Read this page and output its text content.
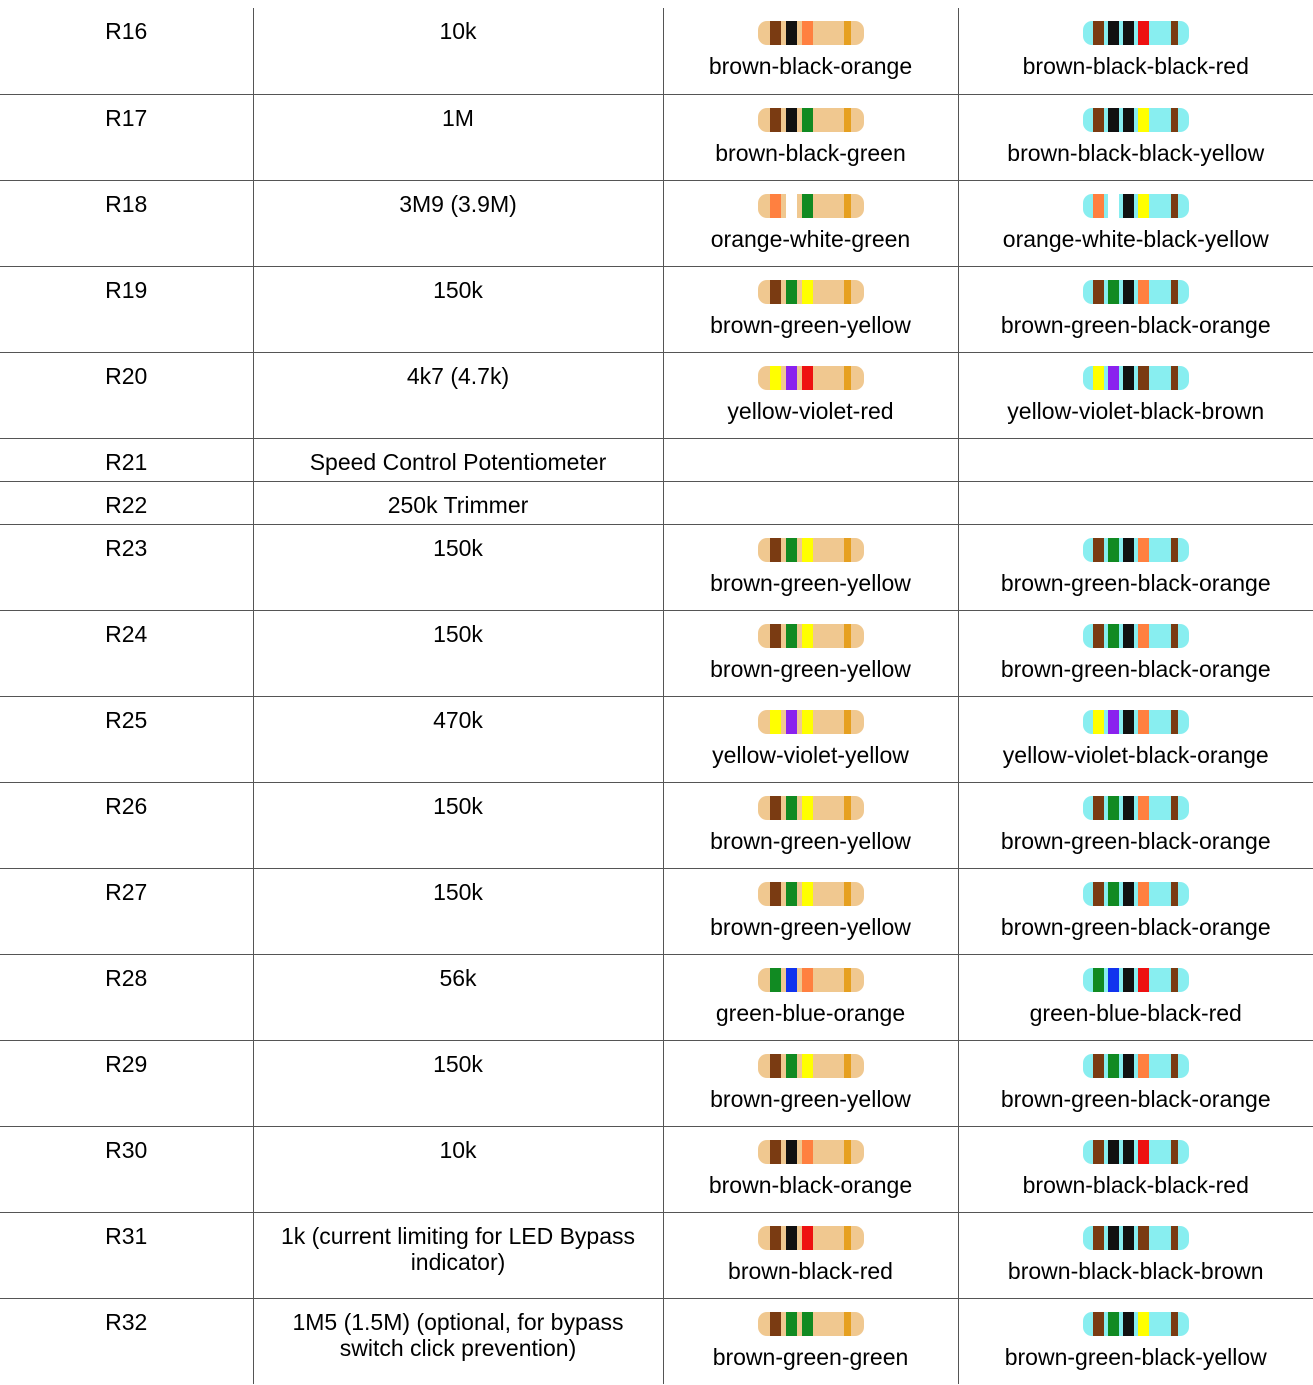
R16	10k	brown-black-orange	brown-black-black-red

R17	1M	brown-black-green	brown-black-black-yellow

R18	3M9 (3.9M)	orange-white-green	orange-white-black-yellow

R19	150k	brown-green-yellow	brown-green-black-orange

R20	4k7 (4.7k)	yellow-violet-red	yellow-violet-black-brown

R21	Speed Control Potentiometer		
R22	250k Trimmer		
R23	150k	brown-green-yellow	brown-green-black-orange

R24	150k	brown-green-yellow	brown-green-black-orange

R25	470k	yellow-violet-yellow	yellow-violet-black-orange

R26	150k	brown-green-yellow	brown-green-black-orange

R27	150k	brown-green-yellow	brown-green-black-orange

R28	56k	green-blue-orange	green-blue-black-red

R29	150k	brown-green-yellow	brown-green-black-orange

R30	10k	brown-black-orange	brown-black-black-red

R31	1k (current limiting for LED Bypass indicator)	brown-black-red	brown-black-black-brown

R32	1M5 (1.5M) (optional, for bypass switch click prevention)	brown-green-green	brown-green-black-yellow
